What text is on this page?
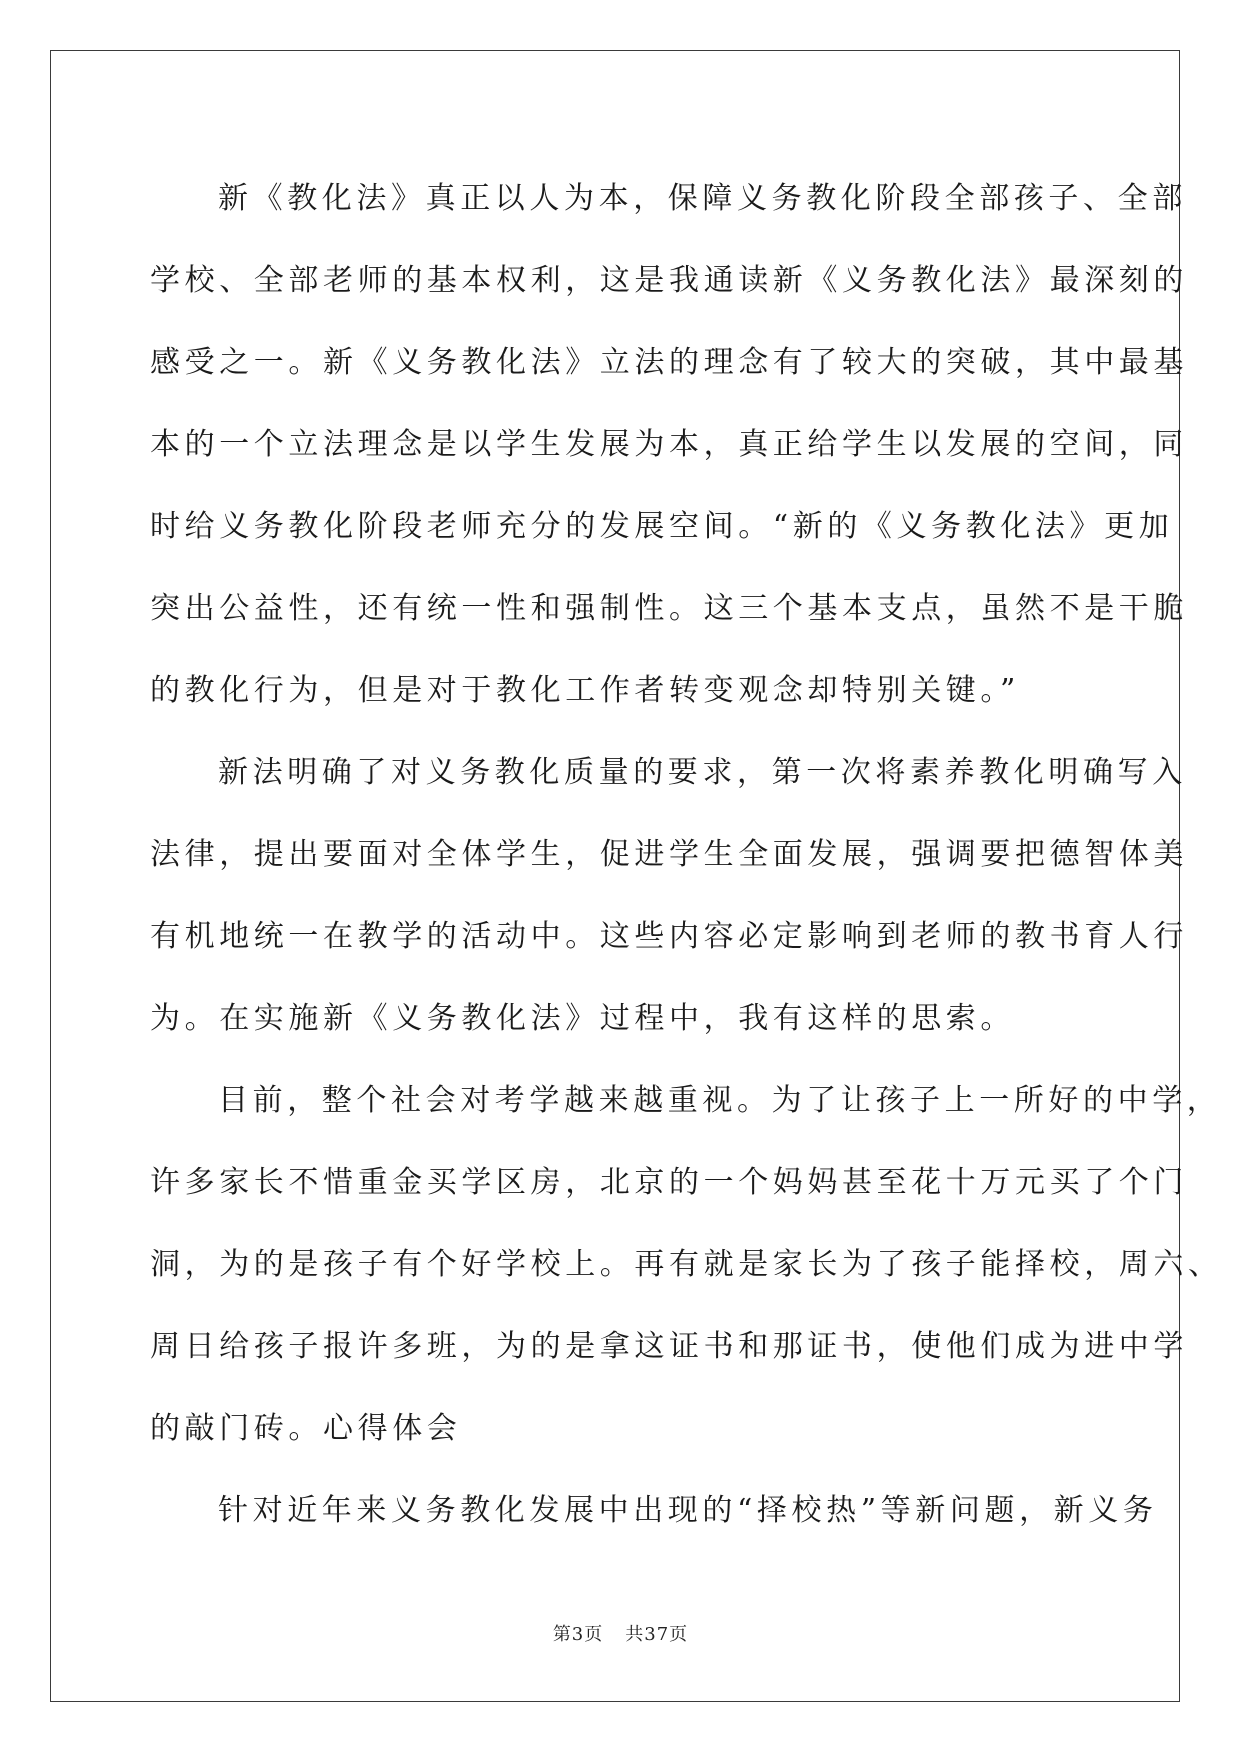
新《教化法》真正以人为本，保障义务教化阶段全部孩子、全部
学校、全部老师的基本权利，这是我通读新《义务教化法》最深刻的
感受之一。新《义务教化法》立法的理念有了较大的突破，其中最基
本的一个立法理念是以学生发展为本，真正给学生以发展的空间，同
时给义务教化阶段老师充分的发展空间。“新的《义务教化法》更加
突出公益性，还有统一性和强制性。这三个基本支点，虽然不是干脆
的教化行为，但是对于教化工作者转变观念却特别关键。”

新法明确了对义务教化质量的要求，第一次将素养教化明确写入
法律，提出要面对全体学生，促进学生全面发展，强调要把德智体美
有机地统一在教学的活动中。这些内容必定影响到老师的教书育人行
为。在实施新《义务教化法》过程中，我有这样的思索。

目前，整个社会对考学越来越重视。为了让孩子上一所好的中学，
许多家长不惜重金买学区房，北京的一个妈妈甚至花十万元买了个门
洞，为的是孩子有个好学校上。再有就是家长为了孩子能择校，周六、
周日给孩子报许多班，为的是拿这证书和那证书，使他们成为进中学
的敲门砖。心得体会

针对近年来义务教化发展中出现的“择校热”等新问题，新义务

第3页 共37页
